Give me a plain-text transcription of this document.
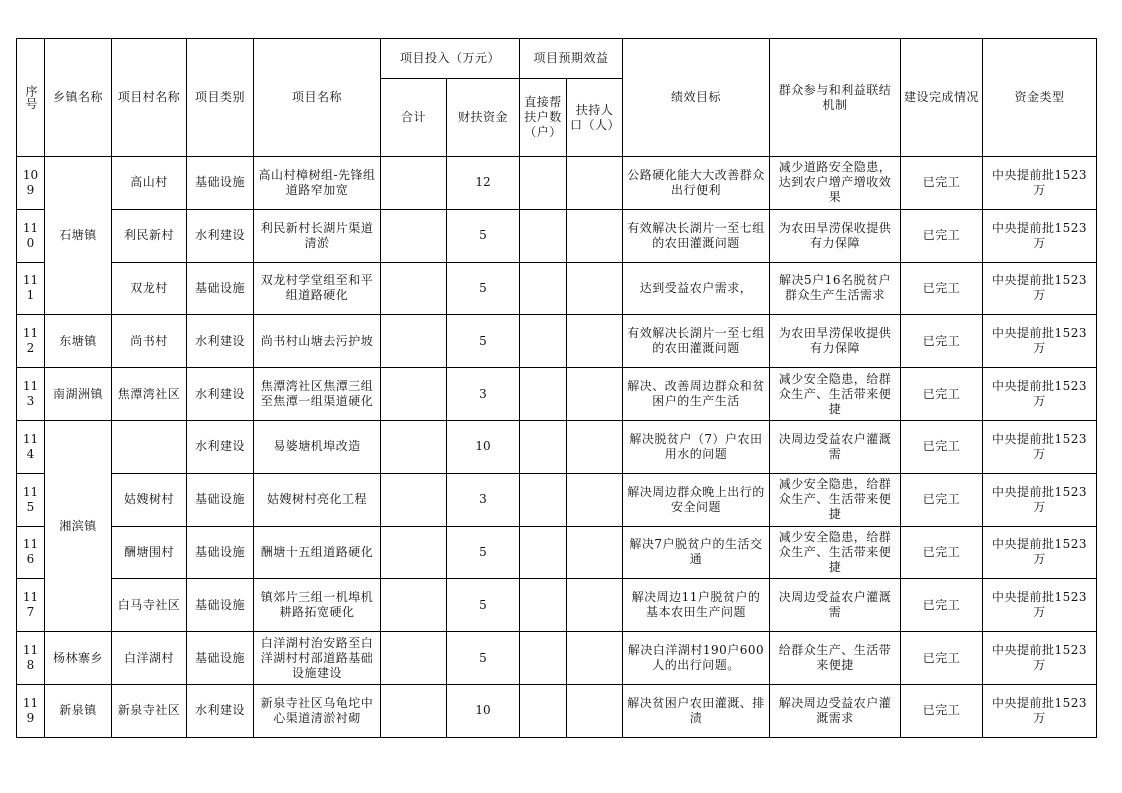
序号	乡镇名称	项目村名称	项目类别	项目名称	项目投入（万元）		项目预期效益		绩效目标	群众参与和利益联结机制	建设完成情况	资金类型
					合计	财扶资金	直接帮扶户数（户）	扶持人口（人）				
109	石塘镇	高山村	基础设施	高山村樟树组-先锋组道路窄加宽		12			公路硬化能大大改善群众出行便利	减少道路安全隐患，达到农户增产增收效果	已完工	中央提前批1523万
110		利民新村	水利建设	利民新村长湖片渠道清淤		5			有效解决长湖片一至七组的农田灌溉问题	为农田旱涝保收提供有力保障	已完工	中央提前批1523万
111		双龙村	基础设施	双龙村学堂组至和平组道路硬化		5			达到受益农户需求，	解决5户16名脱贫户群众生产生活需求	已完工	中央提前批1523万
112	东塘镇	尚书村	水利建设	尚书村山塘去污护坡		5			有效解决长湖片一至七组的农田灌溉问题	为农田旱涝保收提供有力保障	已完工	中央提前批1523万
113	南湖洲镇	焦潭湾社区	水利建设	焦潭湾社区焦潭三组至焦潭一组渠道硬化		3			解决、改善周边群众和贫困户的生产生活	减少安全隐患，给群众生产、生活带来便捷	已完工	中央提前批1523万
114	湘滨镇		水利建设	易婆塘机埠改造		10			解决脱贫户（7）户农田用水的问题	决周边受益农户灌溉需	已完工	中央提前批1523万
115		姑嫂树村	基础设施	姑嫂树村亮化工程		3			解决周边群众晚上出行的安全问题	减少安全隐患，给群众生产、生活带来便捷	已完工	中央提前批1523万
116		酬塘围村	基础设施	酬塘十五组道路硬化		5			解决7户脱贫户的生活交通	减少安全隐患，给群众生产、生活带来便捷	已完工	中央提前批1523万
117		白马寺社区	基础设施	镇郊片三组一机埠机耕路拓宽硬化		5			解决周边11户脱贫户的基本农田生产问题	决周边受益农户灌溉需	已完工	中央提前批1523万
118	杨林寨乡	白洋湖村	基础设施	白洋湖村治安路至白洋湖村村部道路基础设施建设		5			解决白洋湖村190户600人的出行问题。	给群众生产、生活带来便捷	已完工	中央提前批1523万
119	新泉镇	新泉寺社区	水利建设	新泉寺社区乌龟坨中心渠道清淤衬砌		10			解决贫困户农田灌溉、排渍	解决周边受益农户灌溉需求	已完工	中央提前批1523万
